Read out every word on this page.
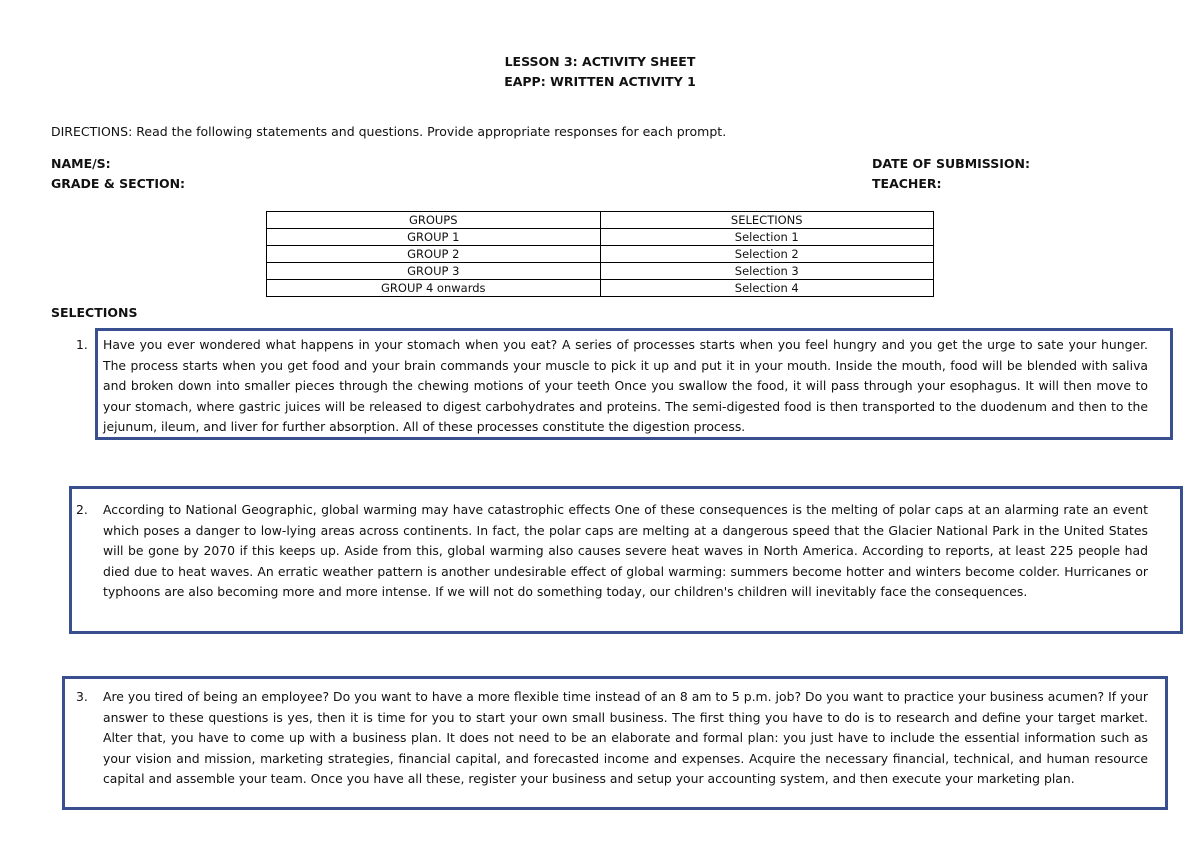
LESSON 3: ACTIVITY SHEET
EAPP: WRITTEN ACTIVITY 1
DIRECTIONS: Read the following statements and questions. Provide appropriate responses for each prompt.
NAME/S:
GRADE & SECTION:
DATE OF SUBMISSION:
TEACHER:
GROUPS	SELECTIONS
GROUP 1	Selection 1
GROUP 2	Selection 2
GROUP 3	Selection 3
GROUP 4 onwards	Selection 4
SELECTIONS
1. Have you ever wondered what happens in your stomach when you eat? A series of processes starts when you feel hungry and you get the urge to sate your hunger. The process starts when you get food and your brain commands your muscle to pick it up and put it in your mouth. Inside the mouth, food will be blended with saliva and broken down into smaller pieces through the chewing motions of your teeth Once you swallow the food, it will pass through your esophagus. It will then move to your stomach, where gastric juices will be released to digest carbohydrates and proteins. The semi-digested food is then transported to the duodenum and then to the jejunum, ileum, and liver for further absorption. All of these processes constitute the digestion process.
2. According to National Geographic, global warming may have catastrophic effects One of these consequences is the melting of polar caps at an alarming rate an event which poses a danger to low-lying areas across continents. In fact, the polar caps are melting at a dangerous speed that the Glacier National Park in the United States will be gone by 2070 if this keeps up. Aside from this, global warming also causes severe heat waves in North America. According to reports, at least 225 people had died due to heat waves. An erratic weather pattern is another undesirable effect of global warming: summers become hotter and winters become colder. Hurricanes or typhoons are also becoming more and more intense. If we will not do something today, our children's children will inevitably face the consequences.
3. Are you tired of being an employee? Do you want to have a more flexible time instead of an 8 am to 5 p.m. job? Do you want to practice your business acumen? If your answer to these questions is yes, then it is time for you to start your own small business. The first thing you have to do is to research and define your target market. Alter that, you have to come up with a business plan. It does not need to be an elaborate and formal plan: you just have to include the essential information such as your vision and mission, marketing strategies, financial capital, and forecasted income and expenses. Acquire the necessary financial, technical, and human resource capital and assemble your team. Once you have all these, register your business and setup your accounting system, and then execute your marketing plan.
